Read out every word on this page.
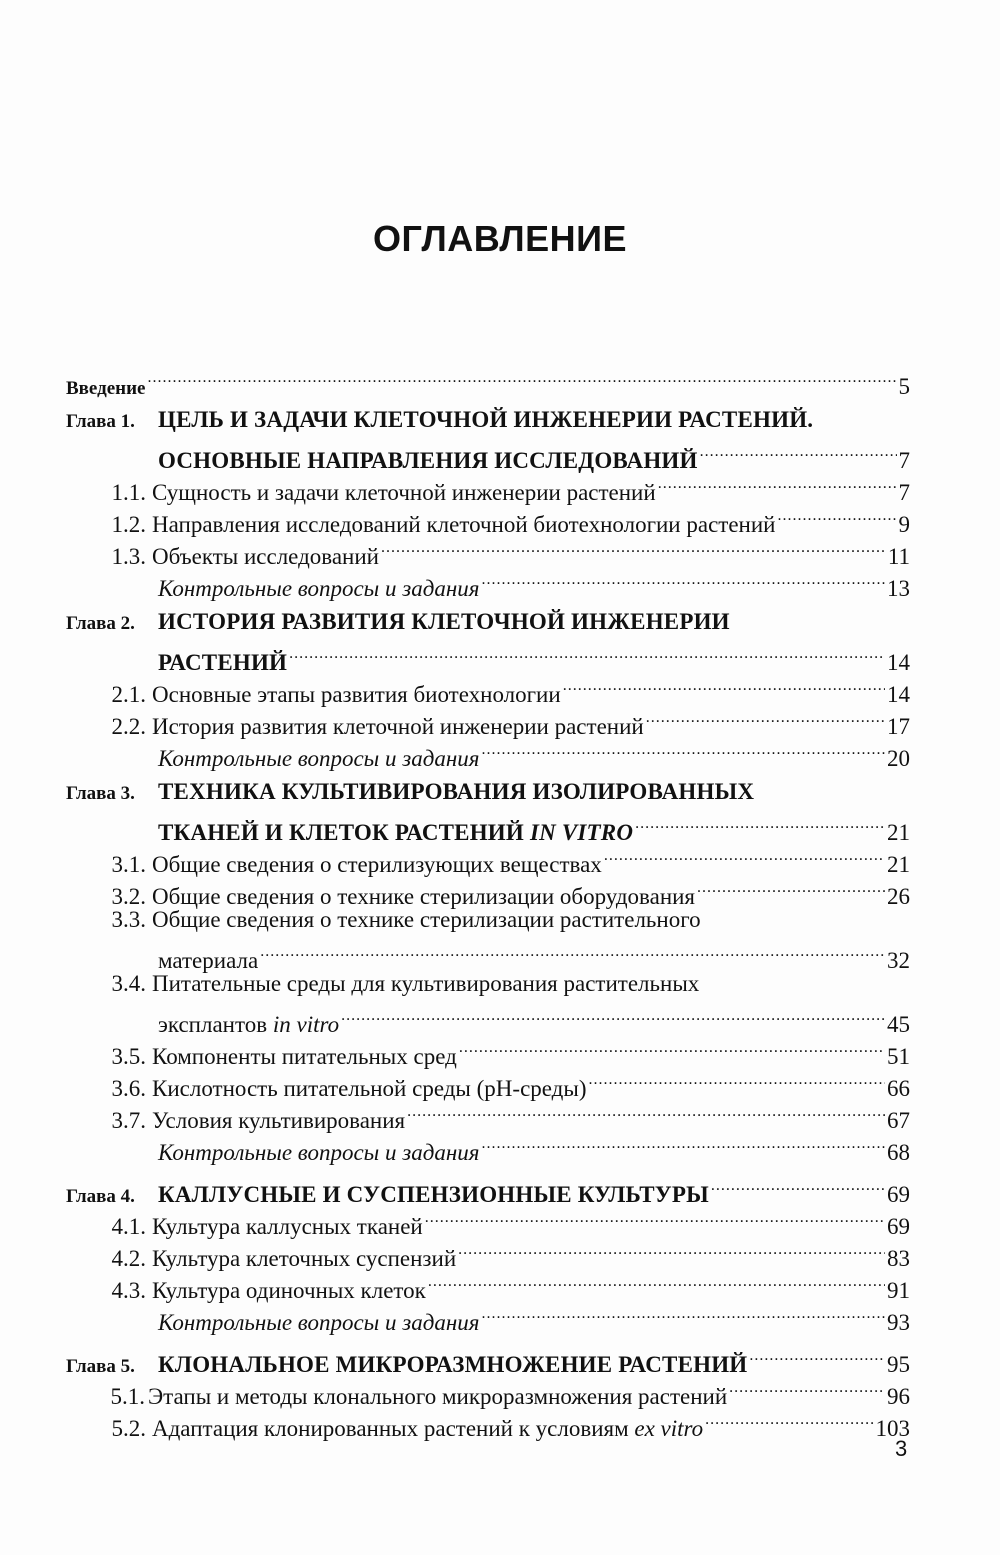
ОГЛАВЛЕНИЕ
Введение .....	5
Глава 1.	ЦЕЛЬ И ЗАДАЧИ КЛЕТОЧНОЙ ИНЖЕНЕРИИ РАСТЕНИЙ.
ОСНОВНЫЕ НАПРАВЛЕНИЯ ИССЛЕДОВАНИЙ .....	7
1.1. Сущность и задачи клеточной инженерии растений .....	7
1.2. Направления исследований клеточной биотехнологии растений .....	9
1.3. Объекты исследований .....	11
Контрольные вопросы и задания .....	13
Глава 2.	ИСТОРИЯ РАЗВИТИЯ КЛЕТОЧНОЙ ИНЖЕНЕРИИ
РАСТЕНИЙ .....	14
2.1. Основные этапы развития биотехнологии .....	14
2.2. История развития клеточной инженерии растений .....	17
Контрольные вопросы и задания .....	20
Глава 3.	ТЕХНИКА КУЛЬТИВИРОВАНИЯ ИЗОЛИРОВАННЫХ
ТКАНЕЙ И КЛЕТОК РАСТЕНИЙ IN VITRO .....	21
3.1. Общие сведения о стерилизующих веществах .....	21
3.2. Общие сведения о технике стерилизации оборудования .....	26
3.3. Общие сведения о технике стерилизации растительного
материала .....	32
3.4. Питательные среды для культивирования растительных
эксплантов in vitro .....	45
3.5. Компоненты питательных сред .....	51
3.6. Кислотность питательной среды (pH-среды) .....	66
3.7. Условия культивирования .....	67
Контрольные вопросы и задания .....	68
Глава 4.	КАЛЛУСНЫЕ И СУСПЕНЗИОННЫЕ КУЛЬТУРЫ .....	69
4.1. Культура каллусных тканей .....	69
4.2. Культура клеточных суспензий .....	83
4.3. Культура одиночных клеток .....	91
Контрольные вопросы и задания .....	93
Глава 5.	КЛОНАЛЬНОЕ МИКРОРАЗМНОЖЕНИЕ РАСТЕНИЙ .....	95
5.1. Этапы и методы клонального микроразмножения растений .....	96
5.2. Адаптация клонированных растений к условиям ex vitro .....	103
3
